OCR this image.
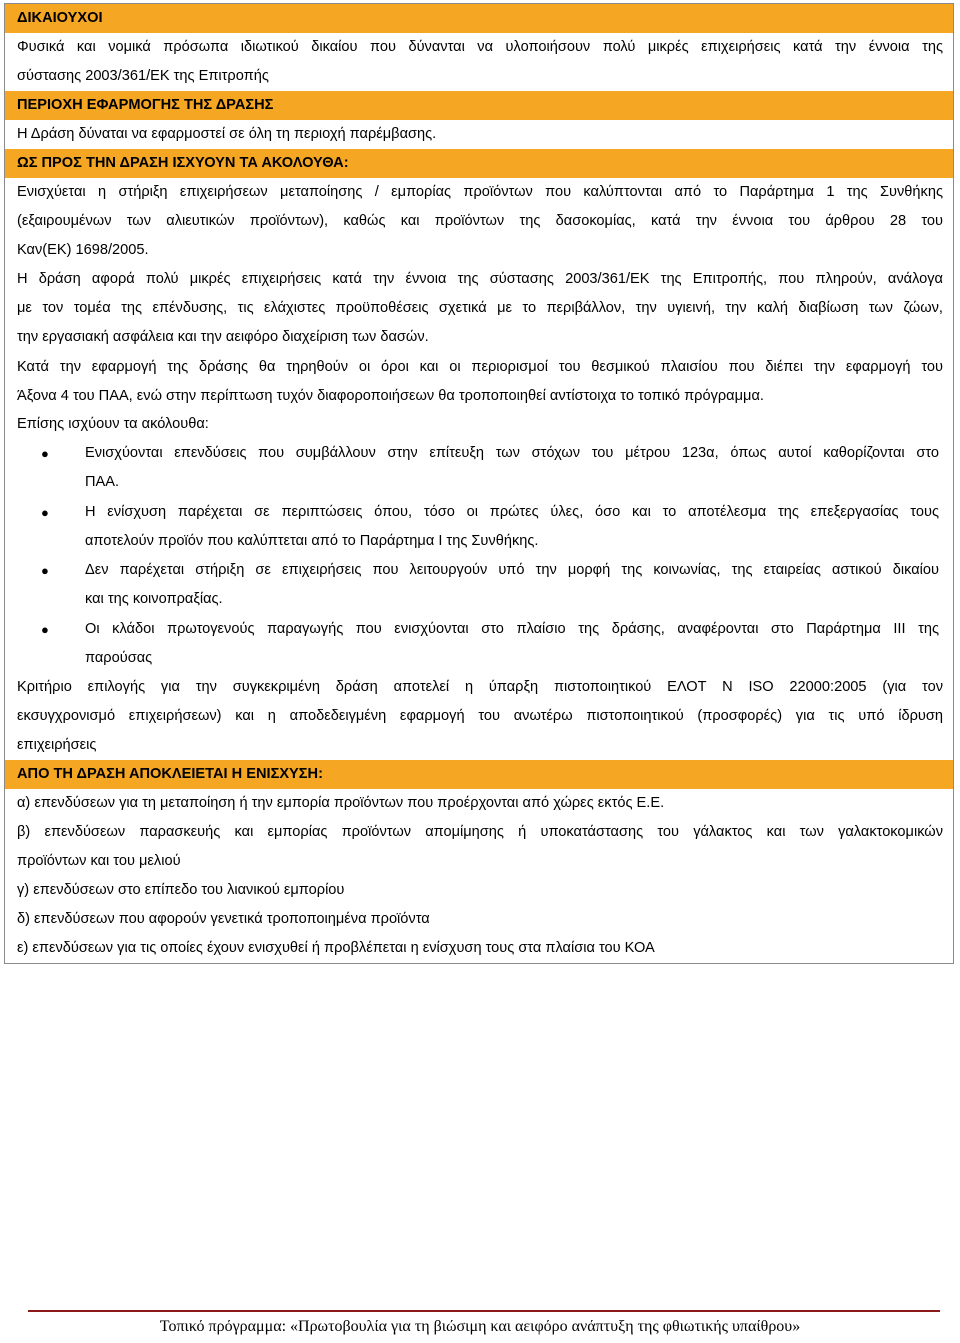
ΔΙΚΑΙΟΥΧΟΙ
Φυσικά και νομικά πρόσωπα ιδιωτικού δικαίου που δύνανται να υλοποιήσουν πολύ μικρές επιχειρήσεις κατά την έννοια της
σύστασης 2003/361/ΕΚ της Επιτροπής
ΠΕΡΙΟΧΗ ΕΦΑΡΜΟΓΗΣ ΤΗΣ ΔΡΑΣΗΣ
Η Δράση δύναται να εφαρμοστεί σε όλη τη περιοχή παρέμβασης.
ΩΣ ΠΡΟΣ ΤΗΝ ΔΡΑΣΗ ΙΣΧΥΟΥΝ ΤΑ ΑΚΟΛΟΥΘΑ:
Ενισχύεται η στήριξη επιχειρήσεων μεταποίησης / εμπορίας προϊόντων που καλύπτονται από το Παράρτημα 1 της Συνθήκης
(εξαιρουμένων των αλιευτικών προϊόντων), καθώς και προϊόντων της δασοκομίας, κατά την έννοια του άρθρου 28 του
Καν(ΕΚ) 1698/2005.
Η δράση αφορά πολύ μικρές επιχειρήσεις κατά την έννοια της σύστασης 2003/361/ΕΚ της Επιτροπής, που πληρούν, ανάλογα
με τον τομέα της επένδυσης, τις ελάχιστες προϋποθέσεις σχετικά με το περιβάλλον, την υγιεινή, την καλή διαβίωση των ζώων,
την εργασιακή ασφάλεια και την αειφόρο διαχείριση των δασών.
Κατά την εφαρμογή της δράσης θα τηρηθούν οι όροι και οι περιορισμοί του θεσμικού πλαισίου που διέπει την εφαρμογή του
Άξονα 4 του ΠΑΑ, ενώ στην περίπτωση τυχόν διαφοροποιήσεων θα τροποποιηθεί αντίστοιχα το τοπικό πρόγραμμα.
Επίσης ισχύουν τα ακόλουθα:
● Ενισχύονται επενδύσεις που συμβάλλουν στην επίτευξη των στόχων του μέτρου 123α, όπως αυτοί καθορίζονται στο
ΠΑΑ.
● Η ενίσχυση παρέχεται σε περιπτώσεις όπου, τόσο οι πρώτες ύλες, όσο και το αποτέλεσμα της επεξεργασίας τους
αποτελούν προϊόν που καλύπτεται από το Παράρτημα Ι της Συνθήκης.
● Δεν παρέχεται στήριξη σε επιχειρήσεις που λειτουργούν υπό την μορφή της κοινωνίας, της εταιρείας αστικού δικαίου
και της κοινοπραξίας.
● Οι κλάδοι πρωτογενούς παραγωγής που ενισχύονται στο πλαίσιο της δράσης, αναφέρονται στο Παράρτημα ΙΙΙ της
παρούσας
Κριτήριο επιλογής για την συγκεκριμένη δράση αποτελεί η ύπαρξη πιστοποιητικού ΕΛΟΤ Ν ISO 22000:2005 (για τον
εκσυγχρονισμό επιχειρήσεων) και η αποδεδειγμένη εφαρμογή του ανωτέρω πιστοποιητικού (προσφορές) για τις υπό ίδρυση
επιχειρήσεις
ΑΠΟ ΤΗ ΔΡΑΣΗ ΑΠΟΚΛΕΙΕΤΑΙ Η ΕΝΙΣΧΥΣΗ:
α) επενδύσεων για τη μεταποίηση ή την εμπορία προϊόντων που προέρχονται από χώρες εκτός Ε.Ε.
β) επενδύσεων παρασκευής και εμπορίας προϊόντων απομίμησης ή υποκατάστασης του γάλακτος και των γαλακτοκομικών
προϊόντων και του μελιού
γ) επενδύσεων στο επίπεδο του λιανικού εμπορίου
δ) επενδύσεων που αφορούν γενετικά τροποποιημένα προϊόντα
ε) επενδύσεων για τις οποίες έχουν ενισχυθεί ή προβλέπεται η ενίσχυση τους στα πλαίσια του ΚΟΑ
Τοπικό πρόγραμμα: «Πρωτοβουλία για τη βιώσιμη και αειφόρο ανάπτυξη της φθιωτικής υπαίθρου»
